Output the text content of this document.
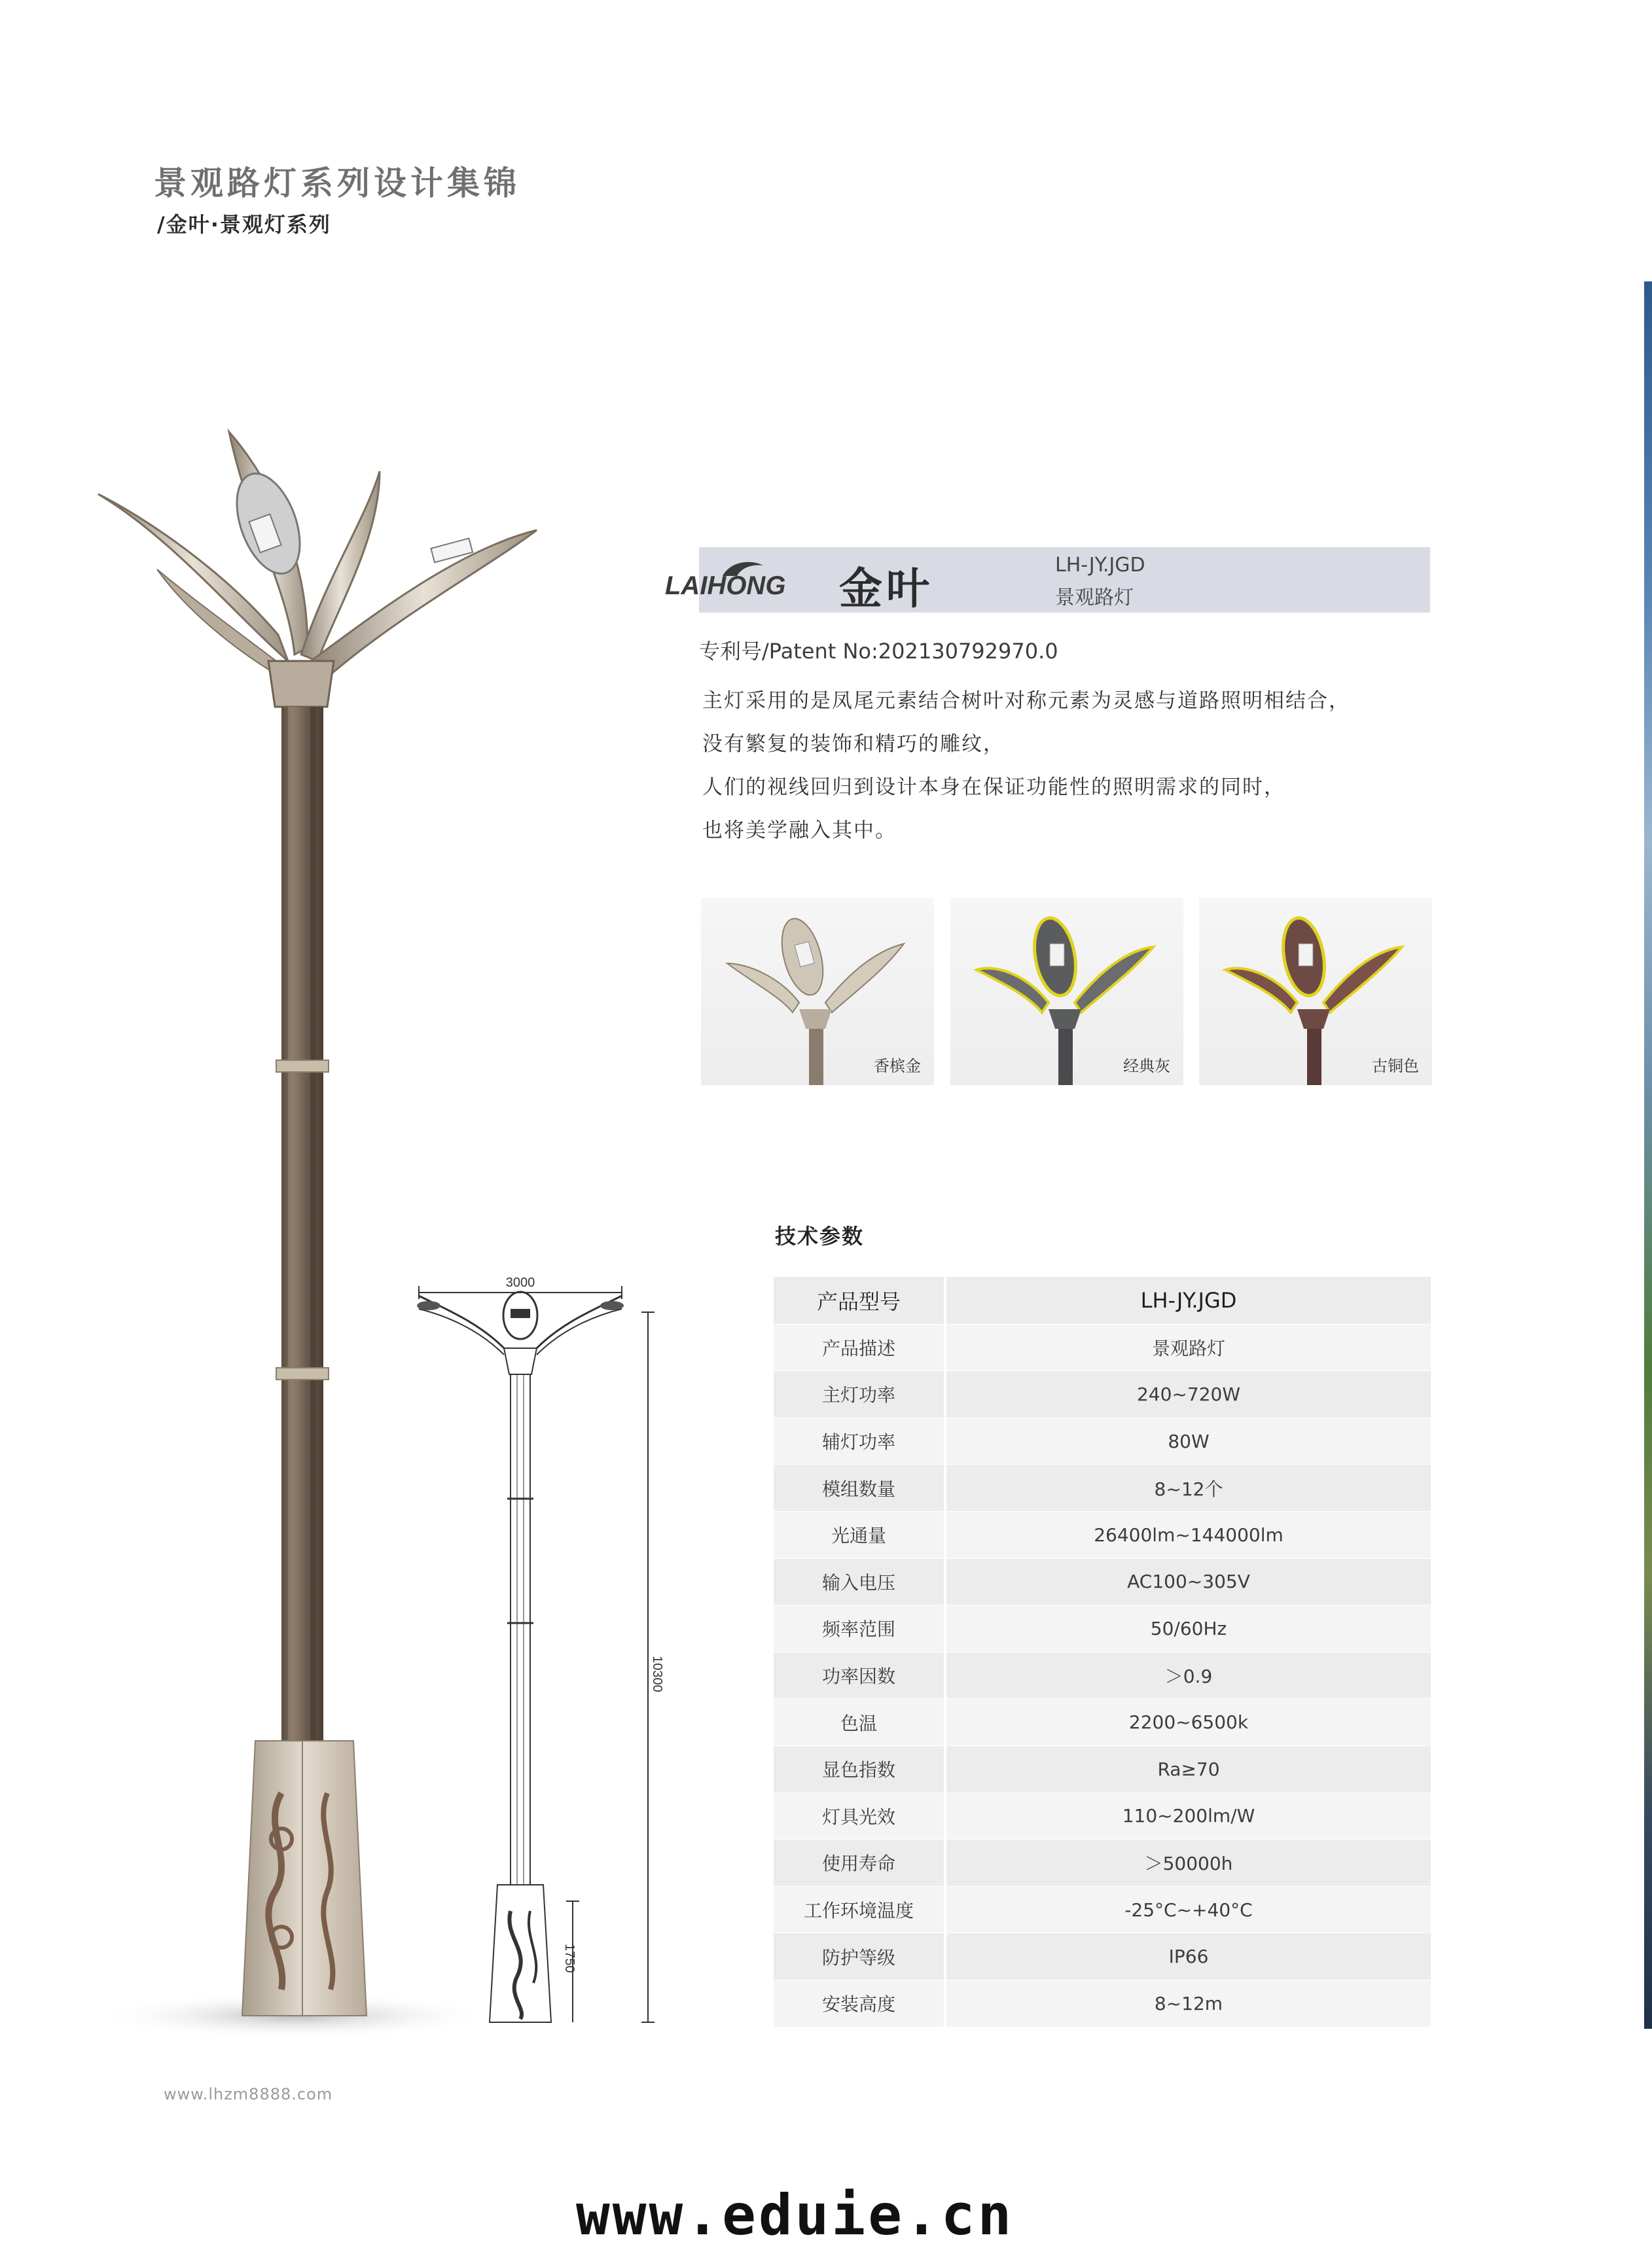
景观路灯系列设计集锦
/金叶·景观灯系列
3000
10300
1750
LAIHONG 金叶	LH-JY.JGD
景观路灯
专利号/Patent No:202130792970.0

主灯采用的是凤尾元素结合树叶对称元素为灵感与道路照明相结合，

没有繁复的装饰和精巧的雕纹，

人们的视线回归到设计本身在保证功能性的照明需求的同时，

也将美学融入其中。

香槟金	经典灰	古铜色
技术参数
产品型号	LH-JY.JGD
产品描述	景观路灯
主灯功率	240~720W
辅灯功率	80W
模组数量	8~12个
光通量	26400lm~144000lm
输入电压	AC100~305V
频率范围	50/60Hz
功率因数	＞0.9
色温	2200~6500k
显色指数	Ra≥70
灯具光效	110~200lm/W
使用寿命	＞50000h
工作环境温度	-25°C~+40°C
防护等级	IP66
安装高度	8~12m
www.lhzm8888.com
www.eduie.cn
